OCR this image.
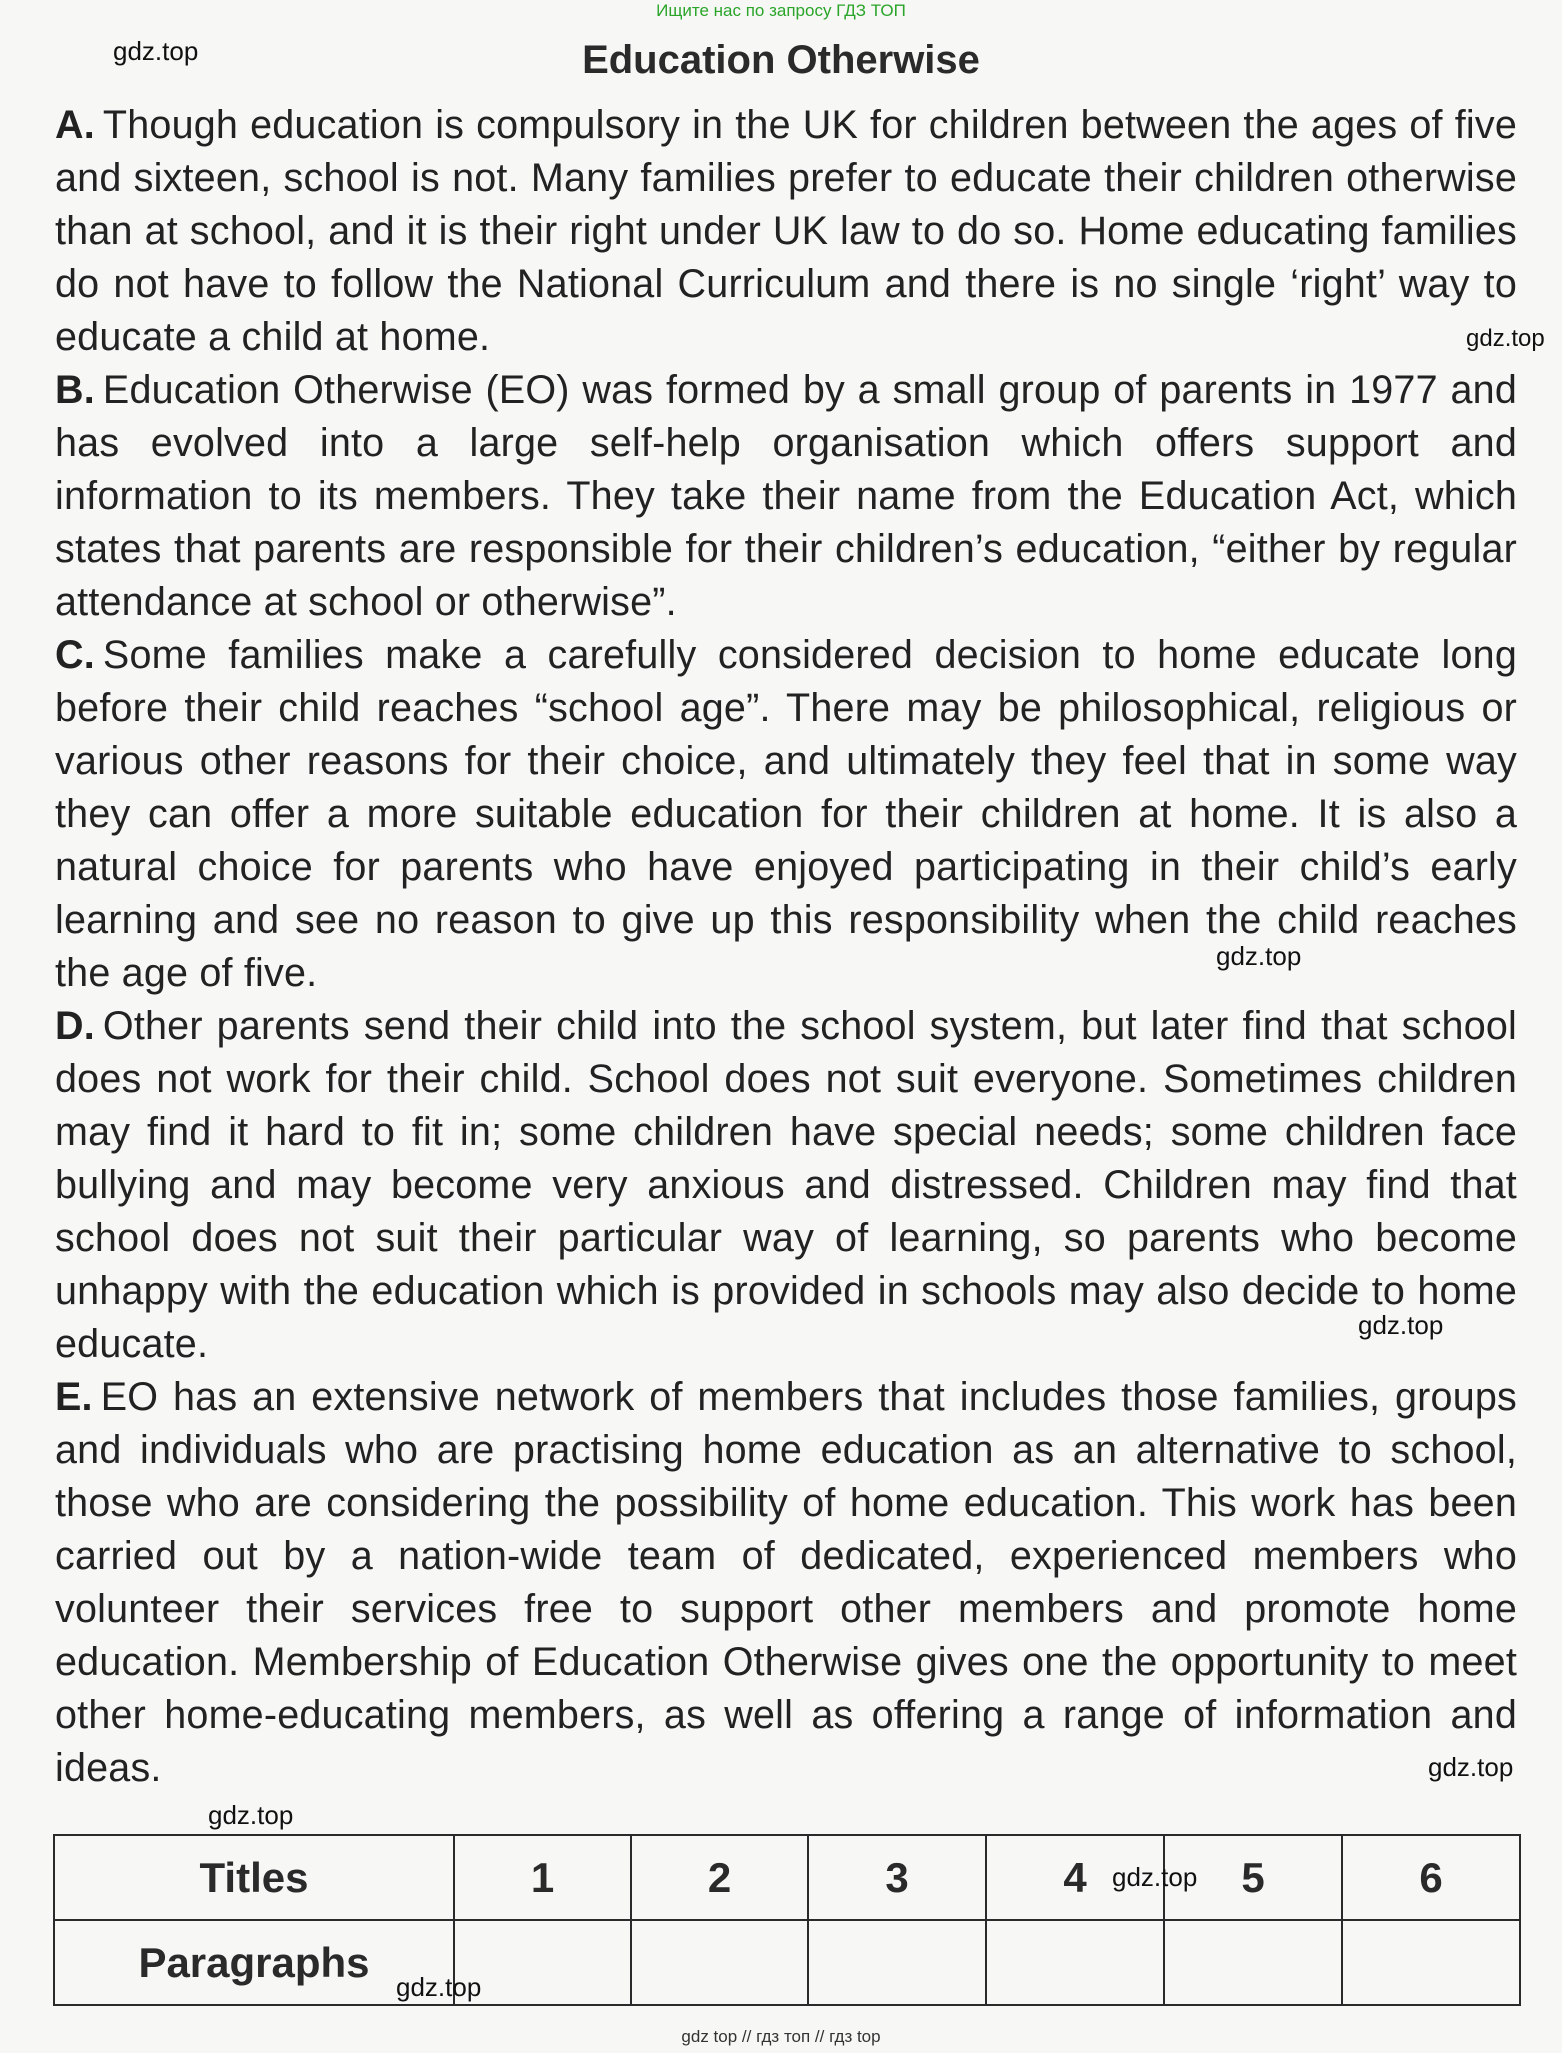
Ищите нас по запросу ГДЗ ТОП
Education Otherwise
gdz.top
gdz.top
gdz.top
gdz.top
gdz.top
gdz.top
gdz.top
gdz.top

A. Though education is compulsory in the UK for children between the ages of five and sixteen, school is not. Many families prefer to educate their children otherwise than at school, and it is their right under UK law to do so. Home educating families do not have to follow the National Curriculum and there is no single ‘right’ way to educate a child at home.

B. Education Otherwise (EO) was formed by a small group of parents in 1977 and has evolved into a large self-help organisation which offers support and information to its members. They take their name from the Education Act, which states that parents are responsible for their children’s education, “either by regular attendance at school or otherwise”.

C. Some families make a carefully considered decision to home educate long before their child reaches “school age”. There may be philosophical, religious or various other reasons for their choice, and ultimately they feel that in some way they can offer a more suitable education for their children at home. It is also a natural choice for parents who have enjoyed participating in their child’s early learning and see no reason to give up this responsibility when the child reaches the age of five.

D. Other parents send their child into the school system, but later find that school does not work for their child. School does not suit everyone. Sometimes children may find it hard to fit in; some children have special needs; some children face bullying and may become very anxious and distressed. Children may find that school does not suit their particular way of learning, so parents who become unhappy with the education which is provided in schools may also decide to home educate.

E. EO has an extensive network of members that includes those families, groups and individuals who are practising home education as an alternative to school, those who are considering the possibility of home education. This work has been carried out by a nation-wide team of dedicated, experienced members who volunteer their services free to support other members and promote home education. Membership of Education Otherwise gives one the opportunity to meet other home-educating members, as well as offering a range of information and ideas.

Titles	1	2	3	4	5	6
Paragraphs						
gdz top // гдз топ // гдз top
